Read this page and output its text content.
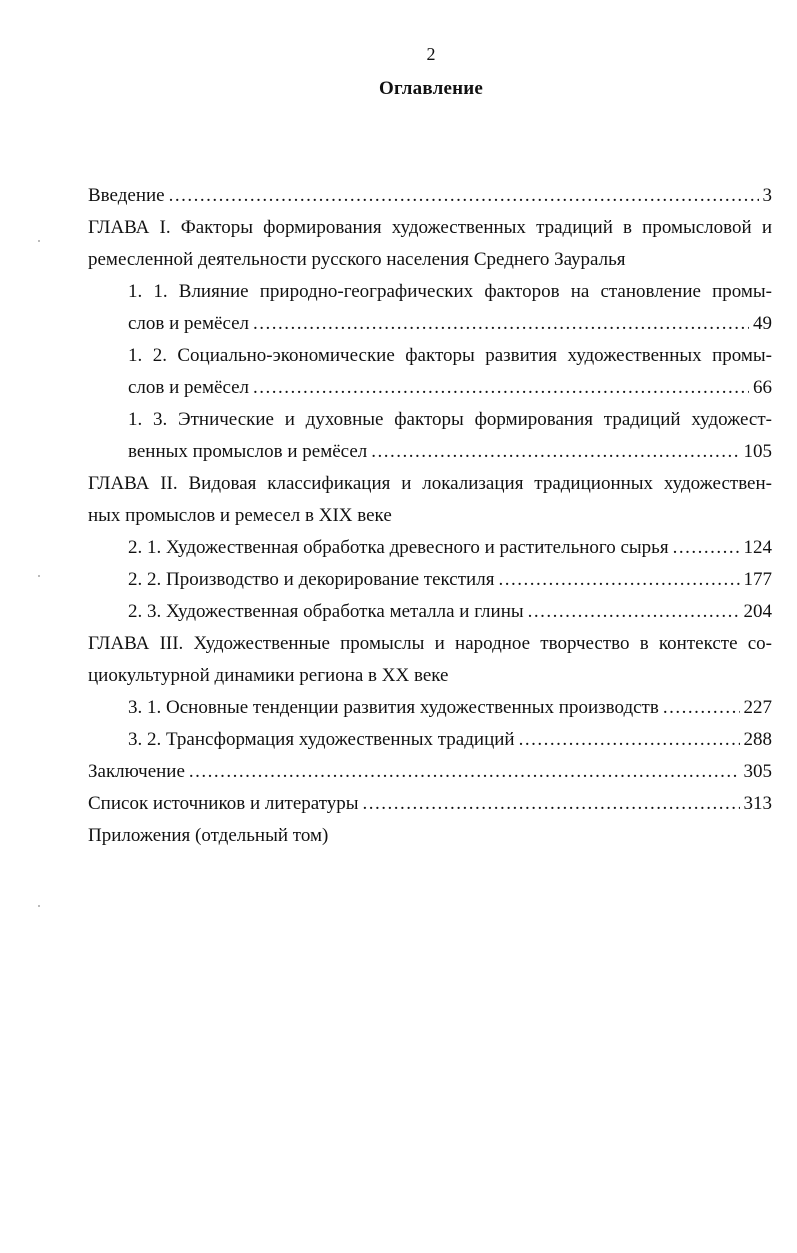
2
Оглавление
Введение .....	3
ГЛАВА I. Факторы формирования художественных традиций в промысловой и
ремесленной деятельности русского населения Среднего Зауралья
1. 1. Влияние природно-географических факторов на становление промы-
слов и ремёсел .....	49
1. 2. Социально-экономические факторы развития художественных промы-
слов и ремёсел .....	66
1. 3. Этнические и духовные факторы формирования традиций художест-
венных промыслов и ремёсел .....	105
ГЛАВА II. Видовая классификация и локализация традиционных художествен-
ных промыслов и ремесел в XIX веке
2. 1. Художественная обработка древесного и растительного сырья .....	124
2. 2. Производство и декорирование текстиля .....	177
2. 3. Художественная обработка металла и глины .....	204
ГЛАВА III. Художественные промыслы и народное творчество в контексте со-
циокультурной динамики региона в XX веке
3. 1. Основные тенденции развития художественных производств .....	227
3. 2. Трансформация художественных традиций .....	288
Заключение .....	305
Список источников и литературы .....	313
Приложения (отдельный том)
